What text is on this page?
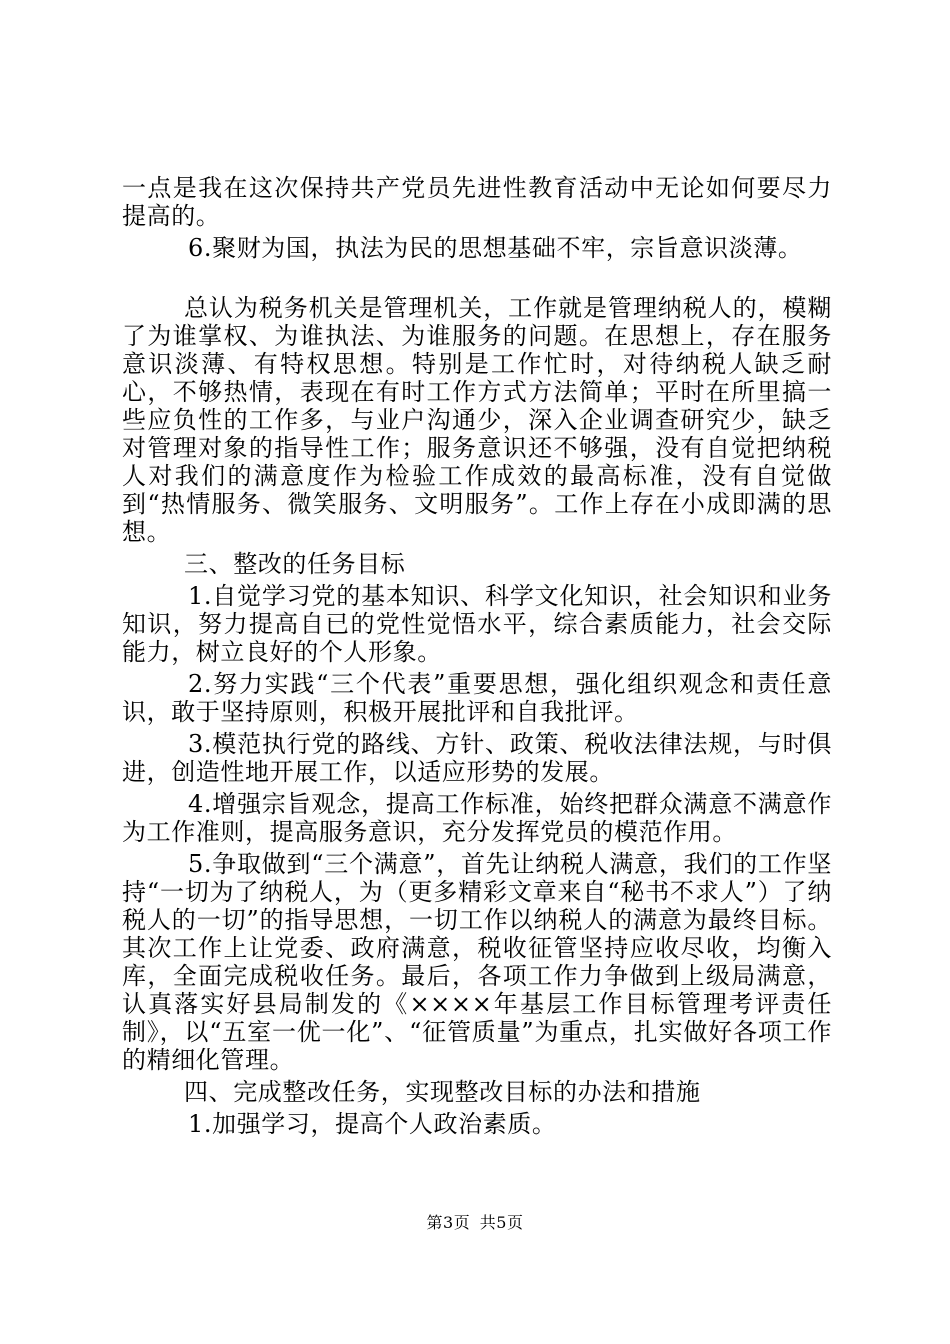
一点是我在这次保持共产党员先进性教育活动中无论如何要尽力提高的。

6.聚财为国，执法为民的思想基础不牢，宗旨意识淡薄。

总认为税务机关是管理机关，工作就是管理纳税人的，模糊了为谁掌权、为谁执法、为谁服务的问题。在思想上，存在服务意识淡薄、有特权思想。特别是工作忙时，对待纳税人缺乏耐心，不够热情，表现在有时工作方式方法简单；平时在所里搞一些应负性的工作多，与业户沟通少，深入企业调查研究少，缺乏对管理对象的指导性工作；服务意识还不够强，没有自觉把纳税人对我们的满意度作为检验工作成效的最高标准，没有自觉做到“热情服务、微笑服务、文明服务”。工作上存在小成即满的思想。

三、整改的任务目标

1.自觉学习党的基本知识、科学文化知识，社会知识和业务知识，努力提高自已的党性觉悟水平，综合素质能力，社会交际能力，树立良好的个人形象。

2.努力实践“三个代表”重要思想，强化组织观念和责任意识，敢于坚持原则，积极开展批评和自我批评。

3.模范执行党的路线、方针、政策、税收法律法规，与时俱进，创造性地开展工作，以适应形势的发展。

4.增强宗旨观念，提高工作标准，始终把群众满意不满意作为工作准则，提高服务意识，充分发挥党员的模范作用。

5.争取做到“三个满意”，首先让纳税人满意，我们的工作坚持“一切为了纳税人，为（更多精彩文章来自“秘书不求人”）了纳税人的一切”的指导思想，一切工作以纳税人的满意为最终目标。其次工作上让党委、政府满意，税收征管坚持应收尽收，均衡入库，全面完成税收任务。最后，各项工作力争做到上级局满意，认真落实好县局制发的《××××年基层工作目标管理考评责任制》，以“五室一优一化”、“征管质量”为重点，扎实做好各项工作的精细化管理。

四、完成整改任务，实现整改目标的办法和措施

1.加强学习，提高个人政治素质。

第3页 共5页
